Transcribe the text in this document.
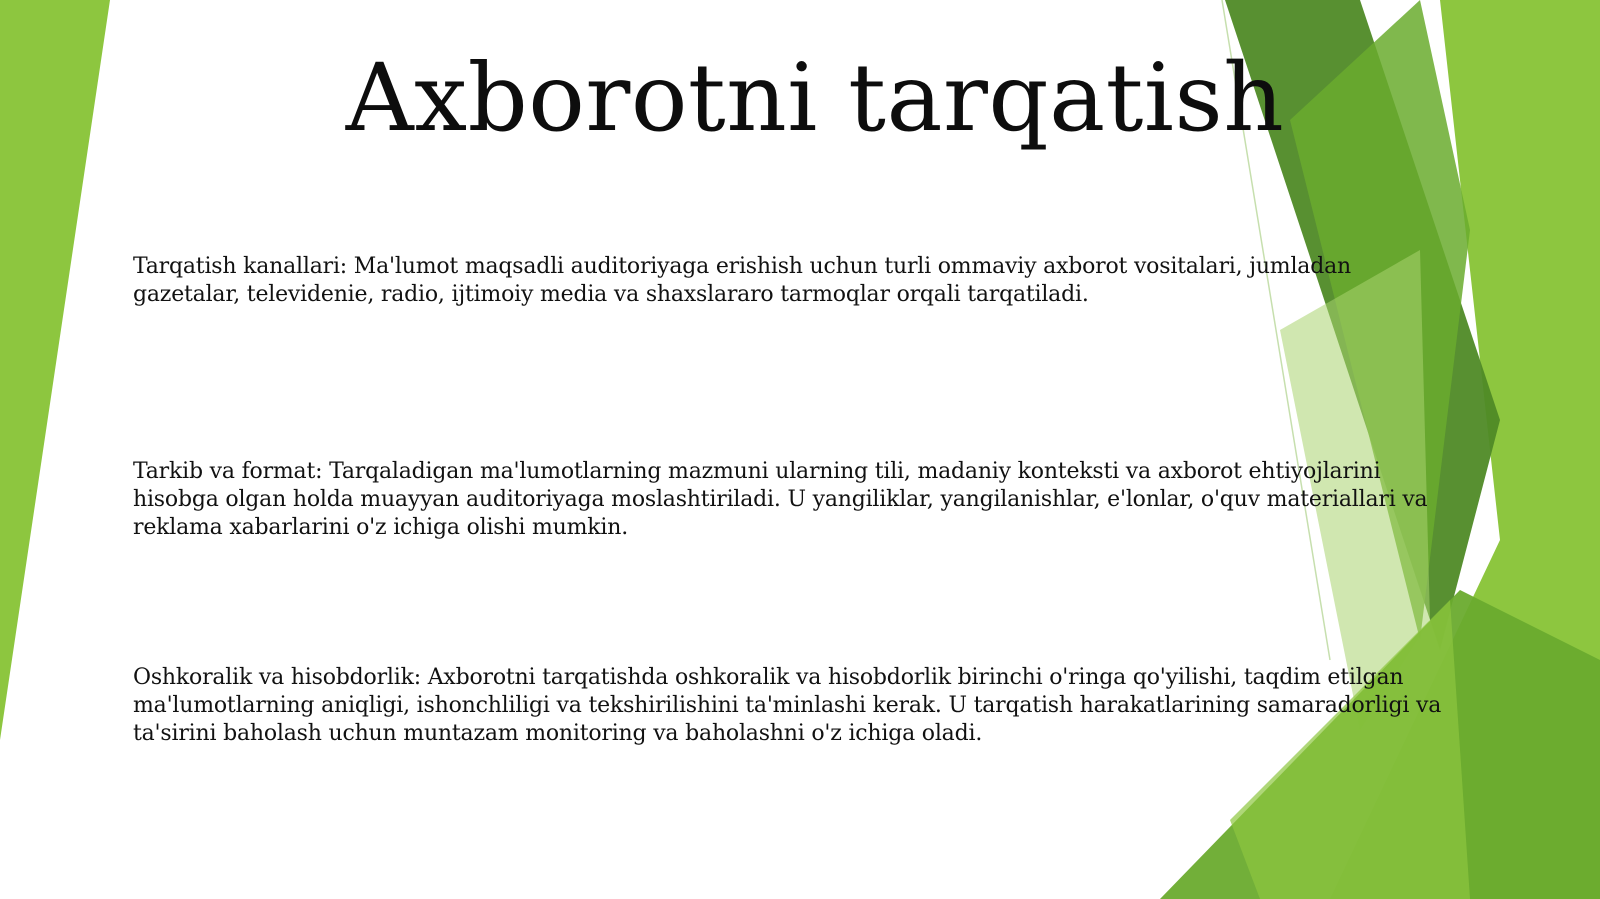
Axborotni tarqatish
Tarqatish kanallari: Ma'lumot maqsadli auditoriyaga erishish uchun turli ommaviy axborot vositalari, jumladan gazetalar, televidenie, radio, ijtimoiy media va shaxslararo tarmoqlar orqali tarqatiladi.
Tarkib va format: Tarqaladigan ma'lumotlarning mazmuni ularning tili, madaniy konteksti va axborot ehtiyojlarini hisobga olgan holda muayyan auditoriyaga moslashtiriladi. U yangiliklar, yangilanishlar, e'lonlar, o'quv materiallari va reklama xabarlarini o'z ichiga olishi mumkin.
Oshkoralik va hisobdorlik: Axborotni tarqatishda oshkoralik va hisobdorlik birinchi o'ringa qo'yilishi, taqdim etilgan ma'lumotlarning aniqligi, ishonchliligi va tekshirilishini ta'minlashi kerak. U tarqatish harakatlarining samaradorligi va ta'sirini baholash uchun muntazam monitoring va baholashni o'z ichiga oladi.
